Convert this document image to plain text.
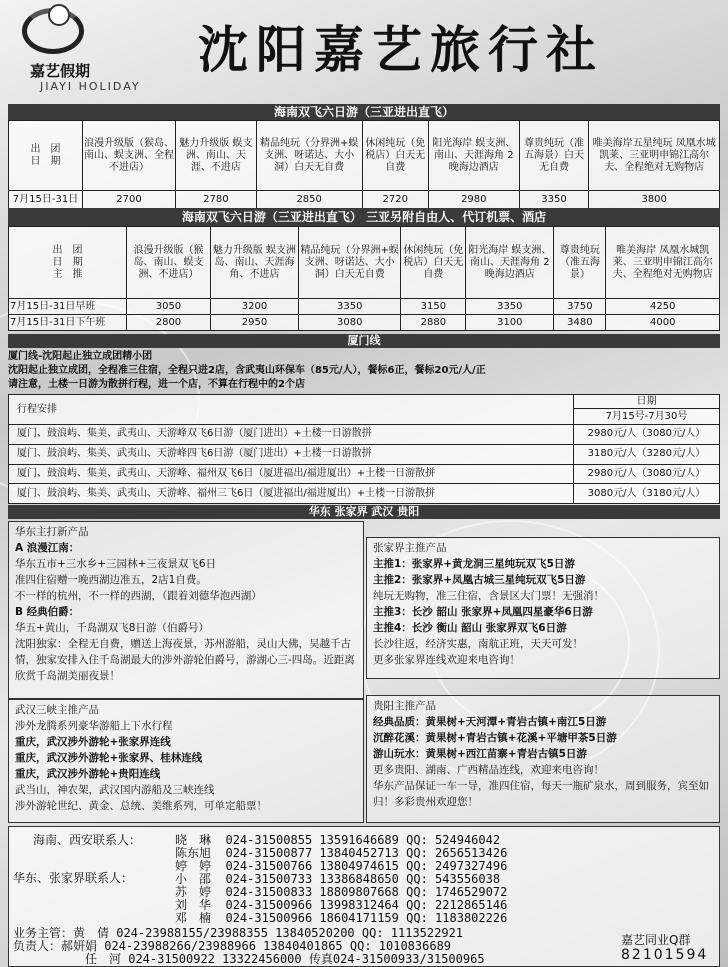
嘉艺假期
JIAYI HOLIDAY
沈阳嘉艺旅行社
海南双飞六日游（三亚进出直飞）
出　团
日　期	浪漫升级版（猴岛、南山、蜈支洲、全程不进店）	魅力升级版 蜈支洲、南山、天涯、不进店	精品纯玩（分界洲+蜈支洲、呀诺达、大小洞）白天无自费	休闲纯玩（免税店）白天无自费	阳光海岸 蜈支洲、南山、天涯海角 2晚海边酒店	尊贵纯玩（准五海景）白天无自费	唯美海岸五星纯玩 凤凰水城凯莱、三亚明申锦江高尔夫、全程绝对无购物店
7月15日-31日	2700	2780	2850	2720	2980	3350	3800
海南双飞六日游（三亚进出直飞） 三亚另附自由人、代订机票、酒店
出　团
日　期
主　推	浪漫升级版（猴岛、南山、蜈支洲、不进店）	魅力升级版 蜈支洲岛、南山、天涯海角、不进店	精品纯玩（分界洲+蜈支洲、呀诺达、大小洞）白天无自费	休闲纯玩（免税店）白天无自费	阳光海岸 蜈支洲、南山、天涯海角 2晚海边酒店	尊贵纯玩（准五海景）	唯美海岸 凤凰水城凯莱、三亚明申锦江高尔夫、全程绝对无购物店
7月15日-31日早班	3050	3200	3350	3150	3350	3750	4250
7月15日-31日下午班	2800	2950	3080	2880	3100	3480	4000
厦门线
厦门线-沈阳起止独立成团精小团
沈阳起止独立成团，全程准三住宿，全程只进2店，含武夷山环保车（85元/人），餐标6正，餐标20元/人/正
请注意，土楼一日游为散拼行程，进一个店，不算在行程中的2个店
行程安排	日期
	7月15号-7月30号
厦门、鼓浪屿、集美、武夷山、天游峰双飞6日游（厦门进出）+土楼一日游散拼	2980元/人（3080元/人）
厦门、鼓浪屿、集美、武夷山、天游峰四飞6日游（厦门进出）+土楼一日游散拼	3180元/人（3280元/人）
厦门、鼓浪屿、集美、武夷山、天游峰、福州双飞6日（厦进福出/福进厦出）+土楼一日游散拼	2980元/人（3080元/人）
厦门、鼓浪屿、集美、武夷山、天游峰、福州三飞6日（厦进福出/福进厦出）+土楼一日游散拼	3080元/人（3180元/人）
华东 张家界 武汉 贵阳
华东主打新产品
A 浪漫江南：
华东五市+三水乡+三园林+三夜景双飞6日
准四住宿赠一晚西湖边准五，2店1自费。
不一样的杭州，不一样的西湖，（跟着刘德华泡西湖）
B 经典伯爵：
华五+黄山，千岛湖双飞8日游（伯爵号）
沈阳独家：全程无自费，赠送上海夜景，苏州游船，灵山大佛，吴越千古情，独家安排入住千岛湖最大的涉外游轮伯爵号，游湖心三-四岛。近距离欣赏千岛湖美丽夜景！
张家界主推产品
主推1：张家界+黄龙洞三星纯玩双飞5日游
主推2：张家界+凤凰古城三星纯玩双飞5日游
纯玩无购物，准三住宿，含景区大门票！无强消！
主推3：长沙 韶山 张家界+凤凰四星豪华6日游
主推4：长沙 衡山 韶山 张家界双飞6日游
长沙往返，经济实惠，南航正班，天天可发！
更多张家界连线欢迎来电咨询！
武汉三峡主推产品
涉外龙腾系列豪华游船上下水行程
重庆，武汉涉外游轮+张家界连线
重庆，武汉涉外游轮+张家界、桂林连线
重庆，武汉涉外游轮+贵阳连线
武当山，神农架，武汉国内游船及三峡连线
涉外游轮世纪、黄金、总统、美维系列，可单定船票！
贵阳主推产品
经典品质：黄果树+天河潭+青岩古镇+南江5日游
沉醉花溪：黄果树+青岩古镇+花溪+平塘甲茶5日游
游山玩水：黄果树+西江苗寨+青岩古镇5日游
更多贵阳、湖南、广西精品连线，欢迎来电咨询！
华东产品保证一车一导，准四住宿，每天一瓶矿泉水，周到服务，宾至如归！多彩贵州欢迎您！
海南、西安联系人：
华东、张家界联系人：
晓　琳 024-31500855 13591646689 QQ: 524946042
陈东旭 024-31500877 13840452713 QQ: 2656513426
婷　婷 024-31500766 13804974615 QQ: 2497327496
小　邵 024-31500733 13386848650 QQ: 543556038
苏　婷 024-31500833 18809807668 QQ: 1746529072
刘　华 024-31500966 13998312464 QQ: 2212865146
邓　楠 024-31500966 18604171159 QQ: 1183802226
业务主管：黄　倩 024-23988155/23988355 13840520200 QQ: 1113522921
负责人：郝妍娟 024-23988266/23988966 13840401865 QQ: 1010836689
任　河 024-31500922 13322456000 传真024-31500933/31500965
嘉艺同业Q群
82101594
